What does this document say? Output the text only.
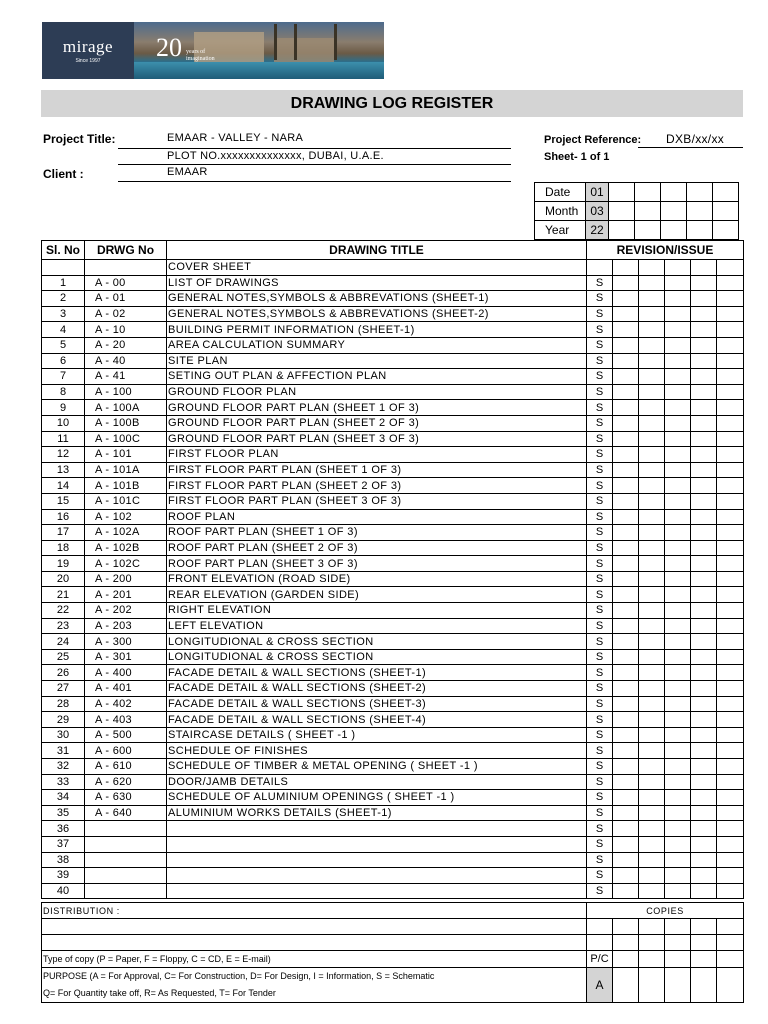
mirage
Since 1997 20 years of imagination
DRAWING LOG REGISTER
Project Title:	EMAAR - VALLEY - NARA
PLOT NO.xxxxxxxxxxxxxx, DUBAI, U.A.E.
Client :	EMAAR
Project Reference: DXB/xx/xx
Sheet- 1 of 1
Date	01					
Month	03					
Year	22					
Sl. No	DRWG No	DRAWING TITLE	REVISION/ISSUE					
		COVER SHEET						
1	A - 00	LIST OF DRAWINGS	S					
2	A - 01	GENERAL NOTES,SYMBOLS & ABBREVATIONS (SHEET-1)	S					
3	A - 02	GENERAL NOTES,SYMBOLS & ABBREVATIONS (SHEET-2)	S					
4	A - 10	BUILDING PERMIT INFORMATION (SHEET-1)	S					
5	A - 20	AREA CALCULATION SUMMARY	S					
6	A - 40	SITE PLAN	S					
7	A - 41	SETING OUT PLAN & AFFECTION PLAN	S					
8	A - 100	GROUND FLOOR PLAN	S					
9	A - 100A	GROUND FLOOR PART PLAN (SHEET 1 OF 3)	S					
10	A - 100B	GROUND FLOOR PART PLAN (SHEET 2 OF 3)	S					
11	A - 100C	GROUND FLOOR PART PLAN (SHEET 3 OF 3)	S					
12	A - 101	FIRST FLOOR PLAN	S					
13	A - 101A	FIRST FLOOR PART PLAN (SHEET 1 OF 3)	S					
14	A - 101B	FIRST FLOOR PART PLAN (SHEET 2 OF 3)	S					
15	A - 101C	FIRST FLOOR PART PLAN (SHEET 3 OF 3)	S					
16	A - 102	ROOF PLAN	S					
17	A - 102A	ROOF PART PLAN (SHEET 1 OF 3)	S					
18	A - 102B	ROOF PART PLAN (SHEET 2 OF 3)	S					
19	A - 102C	ROOF PART PLAN (SHEET 3 OF 3)	S					
20	A - 200	FRONT ELEVATION (ROAD SIDE)	S					
21	A - 201	REAR ELEVATION (GARDEN SIDE)	S					
22	A - 202	RIGHT ELEVATION	S					
23	A - 203	LEFT ELEVATION	S					
24	A - 300	LONGITUDIONAL & CROSS SECTION	S					
25	A - 301	LONGITUDIONAL & CROSS SECTION	S					
26	A - 400	FACADE DETAIL & WALL SECTIONS (SHEET-1)	S					
27	A - 401	FACADE DETAIL & WALL SECTIONS (SHEET-2)	S					
28	A - 402	FACADE DETAIL & WALL SECTIONS (SHEET-3)	S					
29	A - 403	FACADE DETAIL & WALL SECTIONS (SHEET-4)	S					
30	A - 500	STAIRCASE DETAILS ( SHEET -1 )	S					
31	A - 600	SCHEDULE OF FINISHES	S					
32	A - 610	SCHEDULE OF TIMBER & METAL OPENING ( SHEET -1 )	S					
33	A - 620	DOOR/JAMB DETAILS	S					
34	A - 630	SCHEDULE OF ALUMINIUM OPENINGS ( SHEET -1 )	S					
35	A - 640	ALUMINIUM WORKS DETAILS (SHEET-1)	S					
36			S					
37			S					
38			S					
39			S					
40			S					
DISTRIBUTION :	COPIES					

Type of copy (P = Paper, F = Floppy, C = CD, E = E-mail)	P/C					

PURPOSE (A = For Approval, C= For Construction, D= For Design, I = Information, S = Schematic
Q= For Quantity take off, R= As Requested, T= For Tender	A					
